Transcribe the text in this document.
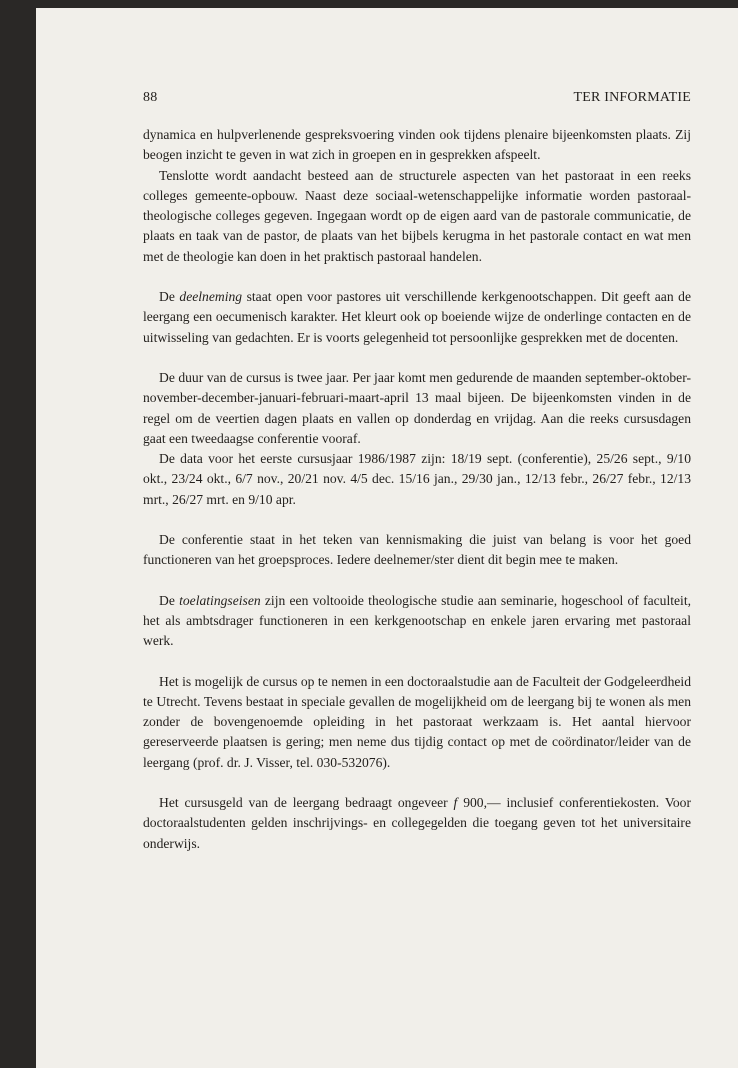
88	TER INFORMATIE

dynamica en hulpverlenende gespreksvoering vinden ook tijdens plenaire bijeenkomsten plaats. Zij beogen inzicht te geven in wat zich in groepen en in gesprekken afspeelt.

Tenslotte wordt aandacht besteed aan de structurele aspecten van het pastoraat in een reeks colleges gemeente-opbouw. Naast deze sociaal-wetenschappelijke informatie worden pastoraal-theologische colleges gegeven. Ingegaan wordt op de eigen aard van de pastorale communicatie, de plaats en taak van de pastor, de plaats van het bijbels kerugma in het pastorale contact en wat men met de theologie kan doen in het praktisch pastoraal handelen.

De deelneming staat open voor pastores uit verschillende kerkgenootschappen. Dit geeft aan de leergang een oecumenisch karakter. Het kleurt ook op boeiende wijze de onderlinge contacten en de uitwisseling van gedachten. Er is voorts gelegenheid tot persoonlijke gesprekken met de docenten.

De duur van de cursus is twee jaar. Per jaar komt men gedurende de maanden september-oktober-november-december-januari-februari-maart-april 13 maal bijeen. De bijeenkomsten vinden in de regel om de veertien dagen plaats en vallen op donderdag en vrijdag. Aan die reeks cursusdagen gaat een tweedaagse conferentie vooraf.

De data voor het eerste cursusjaar 1986/1987 zijn: 18/19 sept. (conferentie), 25/26 sept., 9/10 okt., 23/24 okt., 6/7 nov., 20/21 nov. 4/5 dec. 15/16 jan., 29/30 jan., 12/13 febr., 26/27 febr., 12/13 mrt., 26/27 mrt. en 9/10 apr.

De conferentie staat in het teken van kennismaking die juist van belang is voor het goed functioneren van het groepsproces. Iedere deelnemer/ster dient dit begin mee te maken.

De toelatingseisen zijn een voltooide theologische studie aan seminarie, hogeschool of faculteit, het als ambtsdrager functioneren in een kerkgenootschap en enkele jaren ervaring met pastoraal werk.

Het is mogelijk de cursus op te nemen in een doctoraalstudie aan de Faculteit der Godgeleerdheid te Utrecht. Tevens bestaat in speciale gevallen de mogelijkheid om de leergang bij te wonen als men zonder de bovengenoemde opleiding in het pastoraat werkzaam is. Het aantal hiervoor gereserveerde plaatsen is gering; men neme dus tijdig contact op met de coördinator/leider van de leergang (prof. dr. J. Visser, tel. 030-532076).

Het cursusgeld van de leergang bedraagt ongeveer f 900,— inclusief conferentiekosten. Voor doctoraalstudenten gelden inschrijvings- en collegegelden die toegang geven tot het universitaire onderwijs.
